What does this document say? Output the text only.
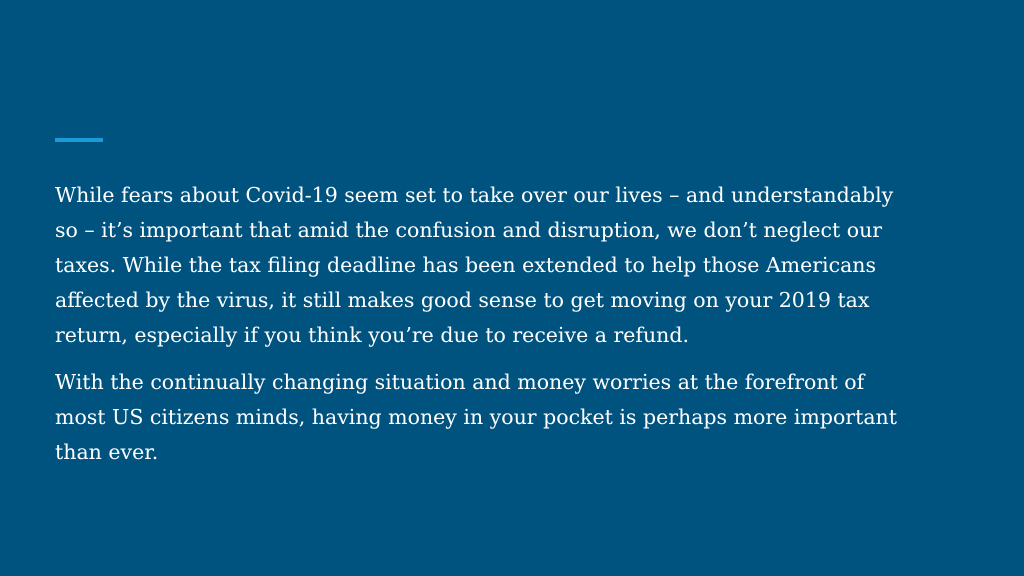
While fears about Covid-19 seem set to take over our lives – and understandably
so – it’s important that amid the confusion and disruption, we don’t neglect our
taxes. While the tax filing deadline has been extended to help those Americans
affected by the virus, it still makes good sense to get moving on your 2019 tax
return, especially if you think you’re due to receive a refund.

With the continually changing situation and money worries at the forefront of
most US citizens minds, having money in your pocket is perhaps more important
than ever.
